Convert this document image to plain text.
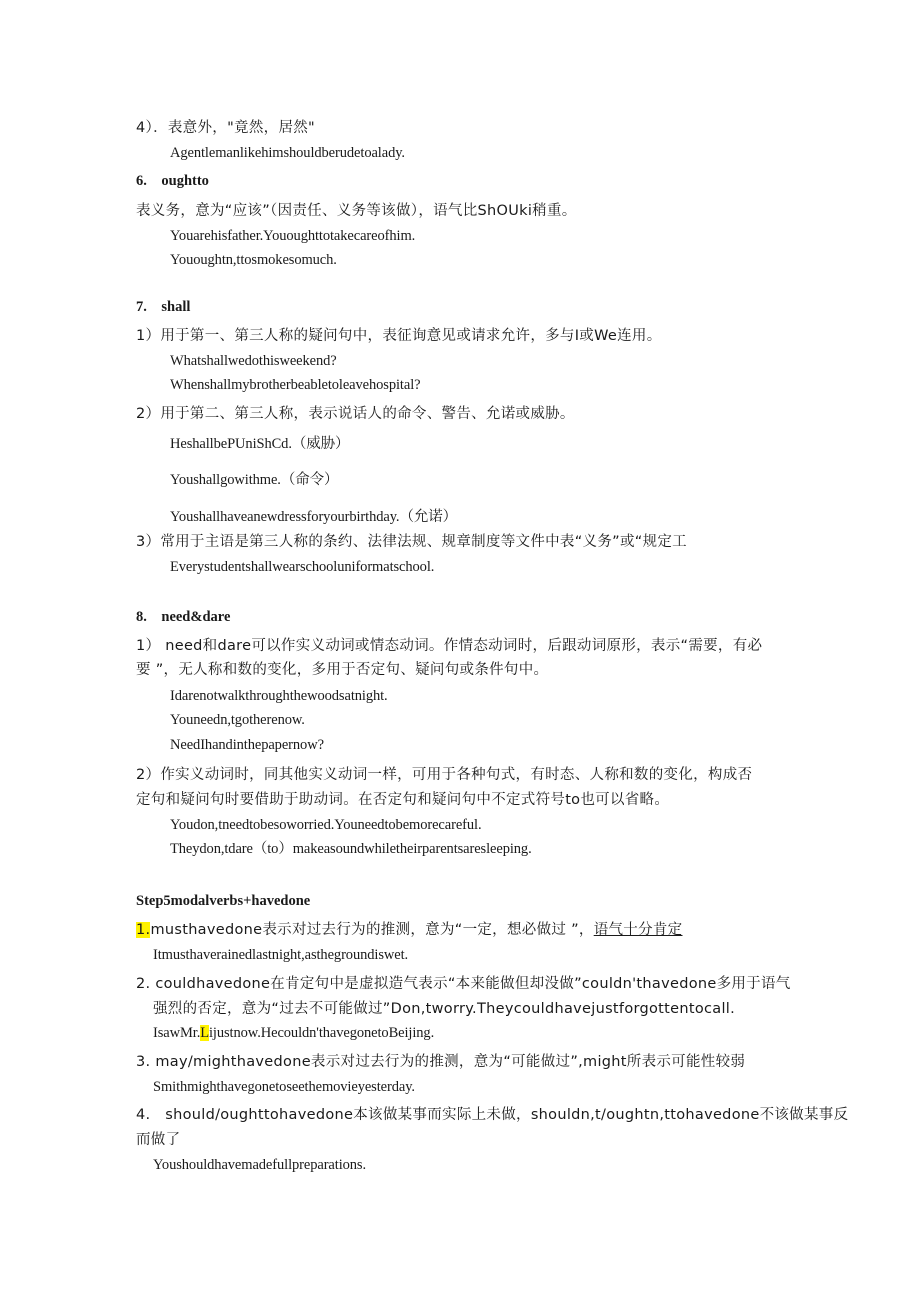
4）．表意外，"竟然，居然"
Agentlemanlikehimshouldberudetoalady.
6.　oughtto
表义务，意为“应该”（因责任、义务等该做），语气比ShOUki稍重。
Youarehisfather.Yououghttotakecareofhim.
Yououghtn,ttosmokesomuch.
7.　shall
1）用于第一、第三人称的疑问句中，表征询意见或请求允许，多与I或We连用。
Whatshallwedothisweekend?
Whenshallmybrotherbeabletoleavehospital?
2）用于第二、第三人称，表示说话人的命令、警告、允诺或威胁。
HeshallbePUniShCd.（威胁）
Youshallgowithme.（命令）
Youshallhaveanewdressforyourbirthday.（允诺）
3）常用于主语是第三人称的条约、法律法规、规章制度等文件中表“义务”或“规定工
Everystudentshallwearschooluniformatschool.
8.　need&dare
1） need和dare可以作实义动词或情态动词。作情态动词时，后跟动词原形，表示“需要，有必
要 ”，无人称和数的变化，多用于否定句、疑问句或条件句中。
Idarenotwalkthroughthewoodsatnight.
Youneedn,tgotherenow.
NeedIhandinthepapernow?
2）作实义动词时，同其他实义动词一样，可用于各种句式，有时态、人称和数的变化，构成否
定句和疑问句时要借助于助动词。在否定句和疑问句中不定式符号to也可以省略。
Youdon,tneedtobesoworried.Youneedtobemorecareful.
Theydon,tdare（to）makeasoundwhiletheirparentsaresleeping.
Step5modalverbs+havedone
1.musthavedone表示对过去行为的推测，意为“一定，想必做过 ”，语气十分肯定
Itmusthaverainedlastnight,asthegroundiswet.
2. couldhavedone在肯定句中是虚拟造气表示“本来能做但却没做”couldn'thavedone多用于语气
强烈的否定，意为“过去不可能做过”Don,tworry.Theycouldhavejustforgottentocall.
IsawMr.Lijustnow.Hecouldn'thavegonetoBeijing.
3. may/mighthavedone表示对过去行为的推测，意为“可能做过”,might所表示可能性较弱
Smithmighthavegonetoseethemovieyesterday.
4.　should/oughttohavedone本该做某事而实际上未做，shouldn,t/oughtn,ttohavedone不该做某事反
而做了
Youshouldhavemadefullpreparations.
